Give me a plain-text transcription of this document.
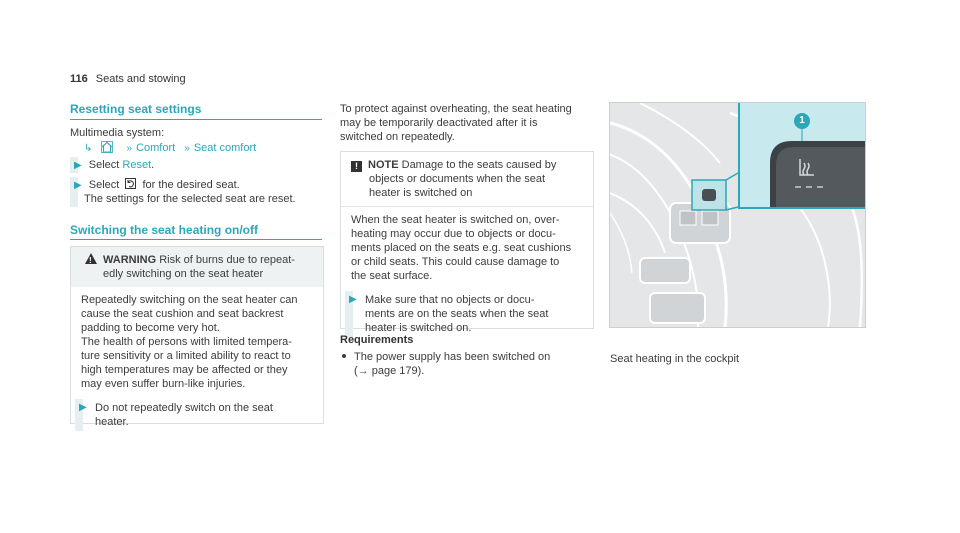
116 Seats and stowing
Resetting seat settings
Multimedia system:
↳	» Comfort » Seat comfort
▶ Select Reset.
▶ Select for the desired seat.
The settings for the selected seat are reset.
Switching the seat heating on/off
!WARNING Risk of burns due to repeat-
edly switching on the seat heater
Repeatedly switching on the seat heater can
cause the seat cushion and seat backrest
padding to become very hot.
The health of persons with limited tempera-
ture sensitivity or a limited ability to react to
high temperatures may be affected or they
may even suffer burn-like injuries.
▶ Do not repeatedly switch on the seat
heater.
To protect against overheating, the seat heating
may be temporarily deactivated after it is
switched on repeatedly.
! NOTE Damage to the seats caused by
objects or documents when the seat
heater is switched on
When the seat heater is switched on, over-
heating may occur due to objects or docu-
ments placed on the seats e.g. seat cushions
or child seats. This could cause damage to
the seat surface.
▶ Make sure that no objects or docu-
ments are on the seats when the seat
heater is switched on.
Requirements
The power supply has been switched on
(→ page 179).
1
Seat heating in the cockpit
